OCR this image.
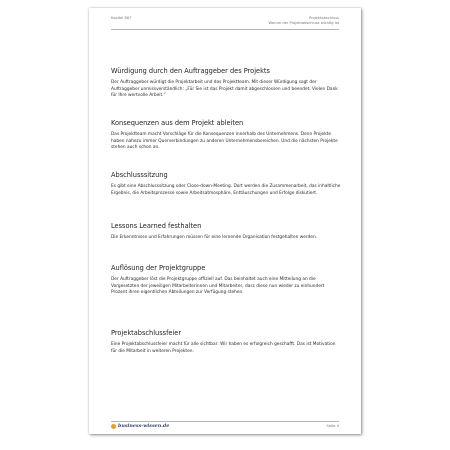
Kapitel 887	Projektabschluss
Warum der Projektabschluss wichtig ist
Würdigung durch den Auftraggeber des Projekts

Der Auftraggeber würdigt die Projektarbeit und das Projektteam. Mit dieser Würdigung sagt der Auftraggeber unmissverständlich: „Für Sie ist das Projekt damit abgeschlossen und beendet. Vielen Dank für Ihre wertvolle Arbeit.“

Konsequenzen aus dem Projekt ableiten

Das Projektteam macht Vorschläge für die Konsequenzen innerhalb des Unternehmens. Denn Projekte haben nahezu immer Querverbindungen zu anderen Unternehmensbereichen. Und die nächsten Projekte stehen auch schon an.

Abschlusssitzung

Es gibt eine Abschlusssitzung oder Close-down-Meeting. Dort werden die Zusammenarbeit, das inhaltliche Ergebnis, die Arbeitsprozesse sowie Arbeitsatmosphäre, Enttäuschungen und Erfolge diskutiert.

Lessons Learned festhalten

Die Erkenntnisse und Erfahrungen müssen für eine lernende Organisation festgehalten werden.

Auflösung der Projektgruppe

Der Auftraggeber löst die Projektgruppe offiziell auf. Das beinhaltet auch eine Mitteilung an die Vorgesetzten der jeweiligen Mitarbeiterinnen und Mitarbeiter, dass diese nun wieder zu einhundert Prozent ihren eigentlichen Abteilungen zur Verfügung stehen.

Projektabschlussfeier

Eine Projektabschlussfeier macht für alle sichtbar: Wir haben es erfolgreich geschafft. Das ist Motivation für die Mitarbeit in weiteren Projekten.

business-wissen.de	Seite 4
